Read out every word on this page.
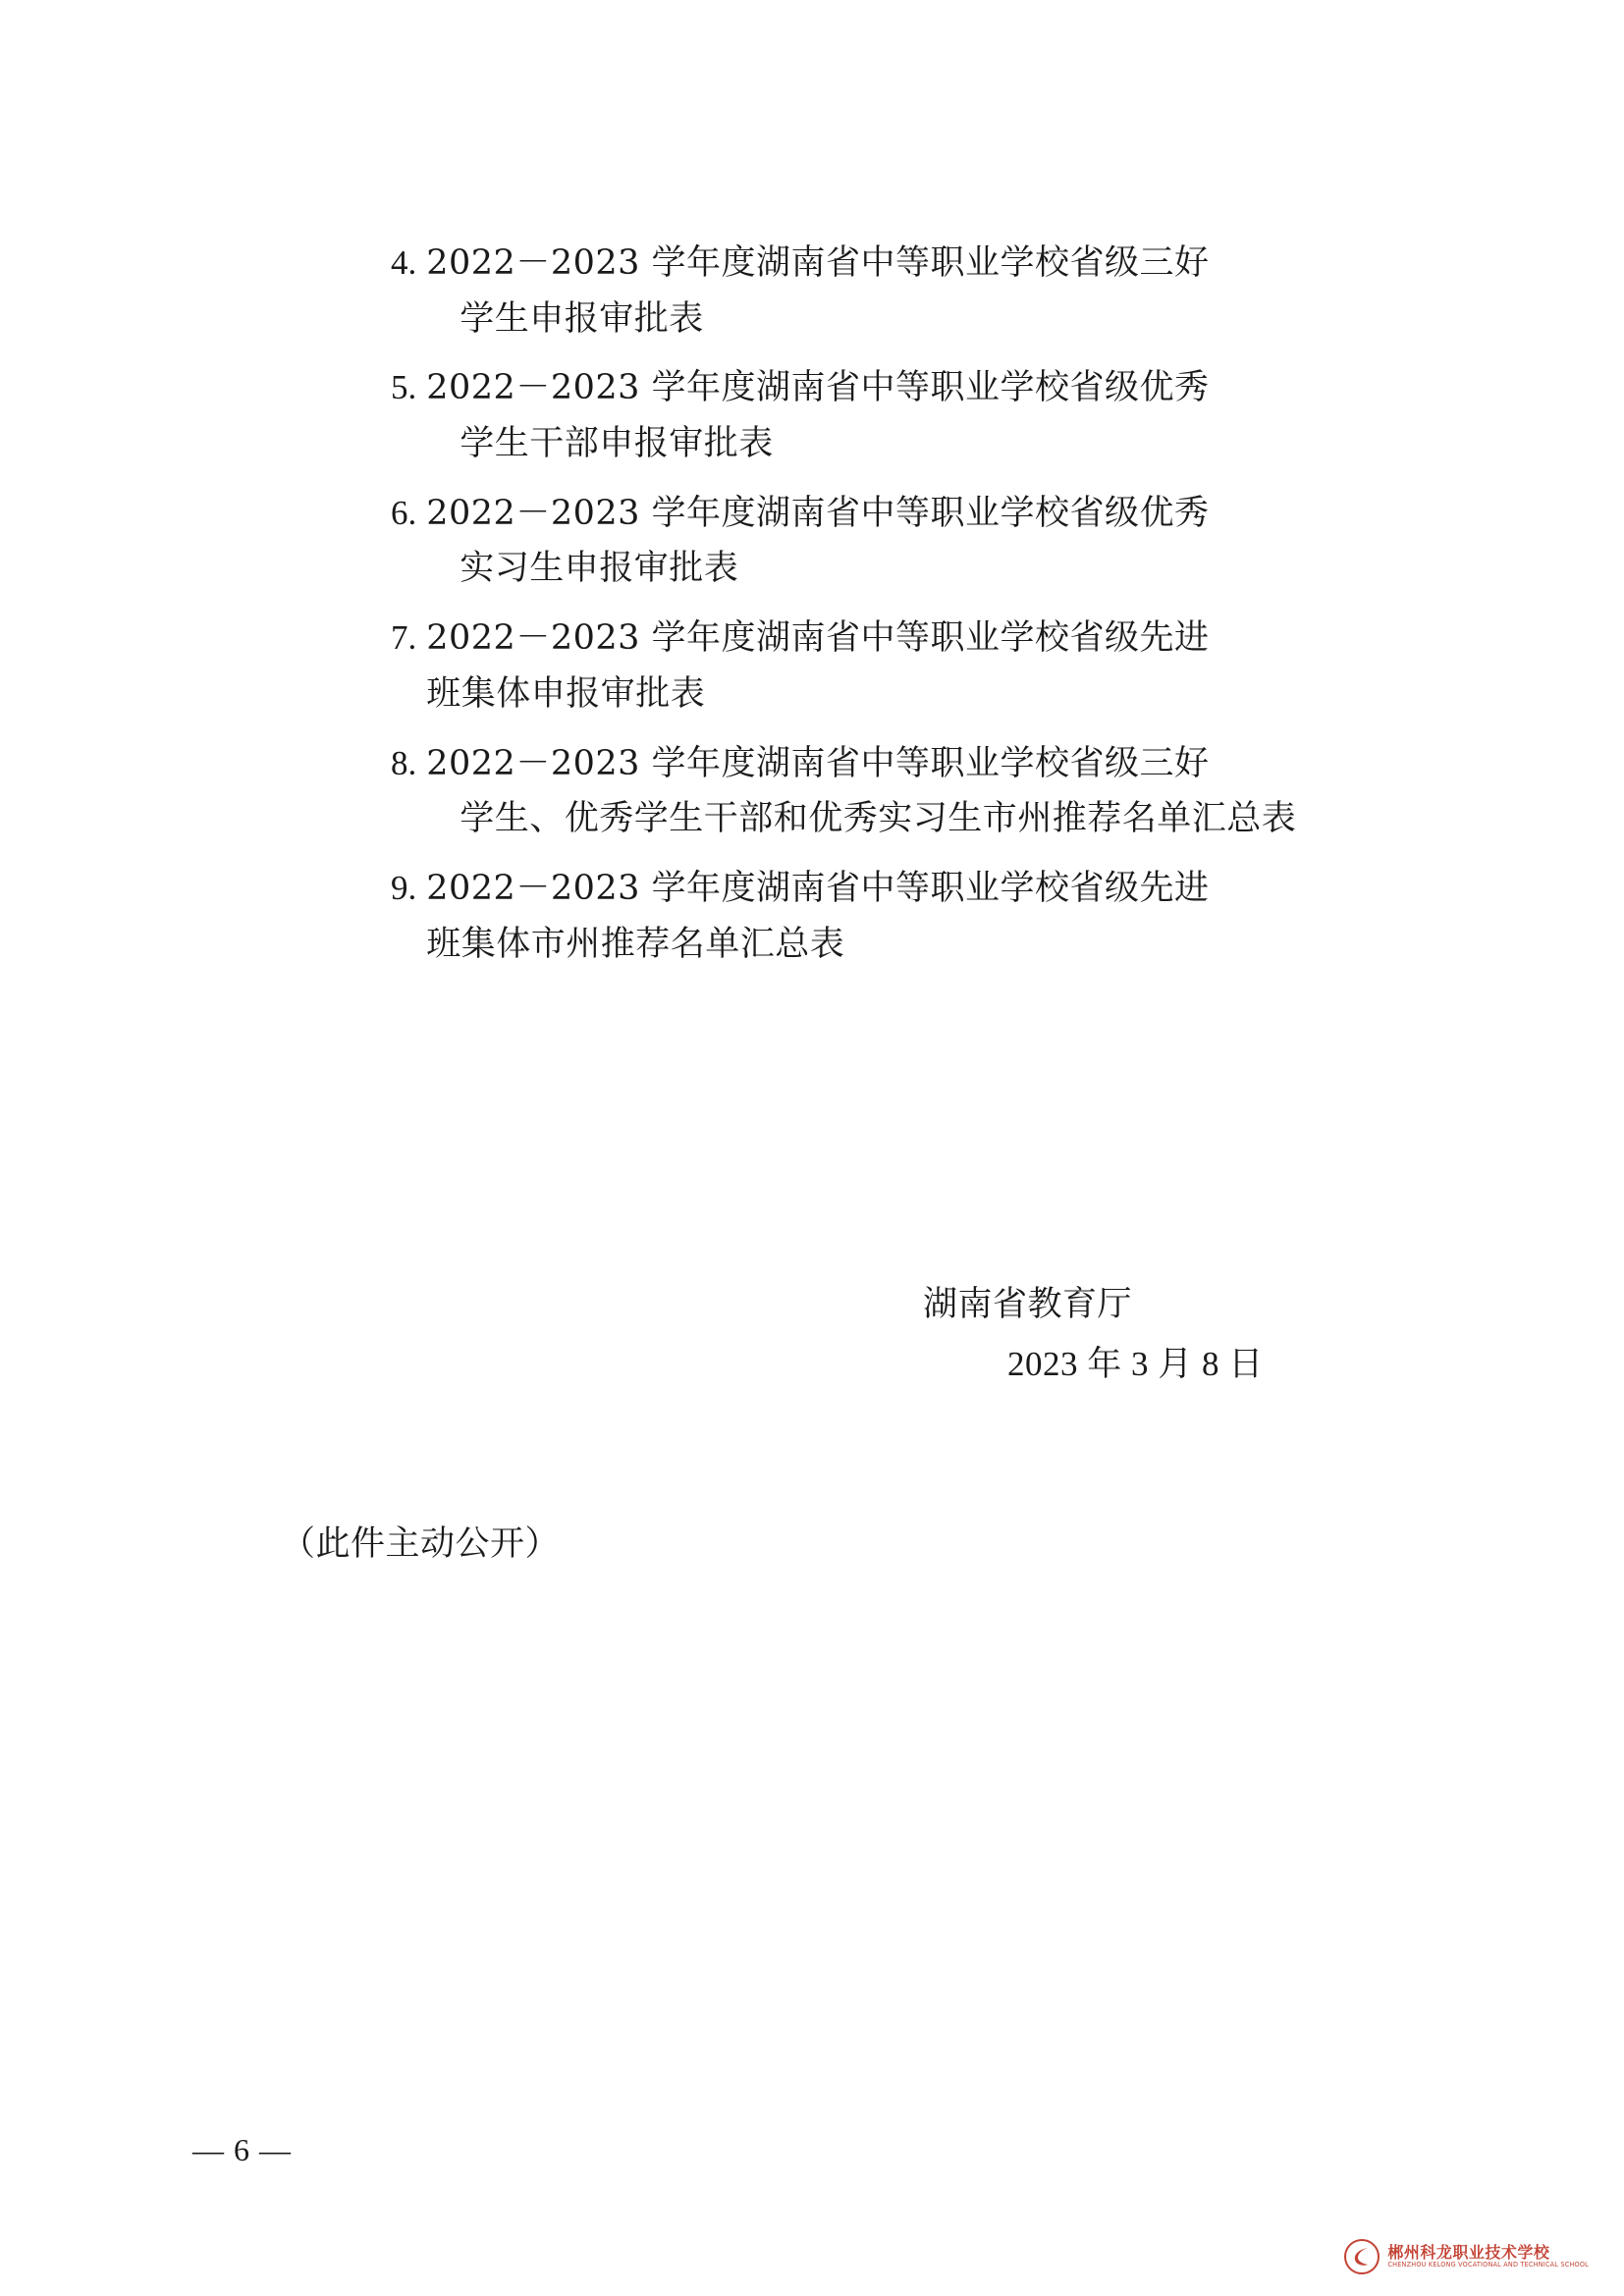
4. 2022－2023 学年度湖南省中等职业学校省级三好
学生申报审批表
5. 2022－2023 学年度湖南省中等职业学校省级优秀
学生干部申报审批表
6. 2022－2023 学年度湖南省中等职业学校省级优秀
实习生申报审批表
7. 2022－2023 学年度湖南省中等职业学校省级先进
班集体申报审批表
8. 2022－2023 学年度湖南省中等职业学校省级三好
学生、优秀学生干部和优秀实习生市州推荐名单汇总表
9. 2022－2023 学年度湖南省中等职业学校省级先进
班集体市州推荐名单汇总表
湖南省教育厅
2023 年 3 月 8 日
（此件主动公开）
— 6 —
郴州科龙职业技术学校
CHENZHOU KELONG VOCATIONAL AND TECHNICAL SCHOOL
